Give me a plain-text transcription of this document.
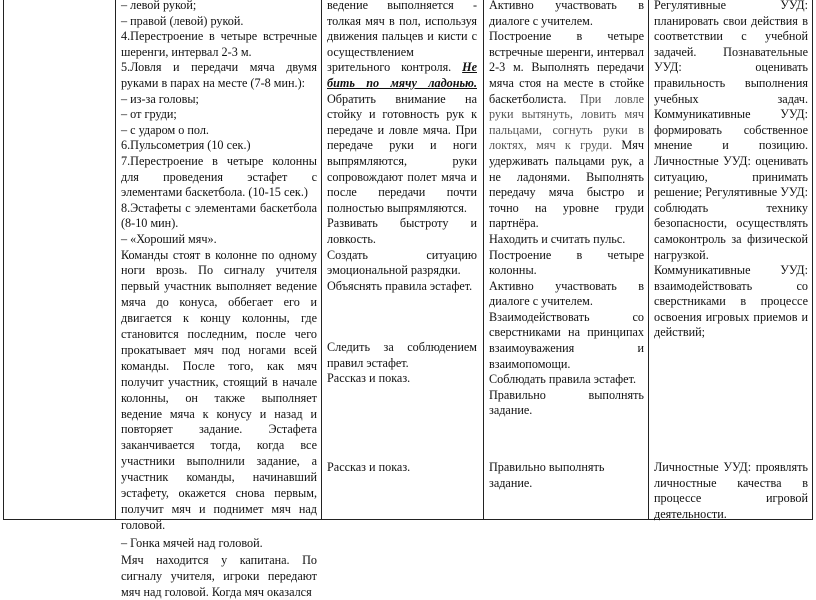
– левой рукой;

– правой (левой) рукой.

4.Перестроение в четыре встречные шеренги, интервал 2-3 м.

5.Ловля и передачи мяча двумя руками в парах на месте (7-8 мин.):

– из-за головы;

– от груди;

– с ударом о пол.

6.Пульсометрия (10 сек.)

7.Перестроение в четыре колонны для проведения эстафет с элементами баскетбола. (10-15 сек.)

8.Эстафеты с элементами баскетбола (8-10 мин).

– «Хороший мяч».

Команды стоят в колонне по одному ноги врозь. По сигналу учителя первый участник выполняет ведение мяча до конуса, оббегает его и двигается к концу колонны, где становится последним, после чего прокатывает мяч под ногами всей команды. После того, как мяч получит участник, стоящий в начале колонны, он также выполняет ведение мяча к конусу и назад и повторяет задание. Эстафета заканчивается тогда, когда все участники выполнили задание, а участник команды, начинавший эстафету, окажется снова первым, получит мяч и поднимет мяч над головой.

– Гонка мячей над головой.

Мяч находится у капитана. По сигналу учителя, игроки передают мяч над головой. Когда мяч оказался

ведение выполняется - толкая мяч в пол, используя движения пальцев и кисти с осуществлением зрительного контроля. Не бить по мячу ладонью. Обратить внимание на стойку и готовность рук к передаче и ловле мяча. При передаче руки и ноги выпрямляются, руки сопровождают полет мяча и после передачи почти полностью выпрямляются.

Развивать быстроту и ловкость.

Создать ситуацию эмоциональной разрядки.

Объяснять правила эстафет.

Следить за соблюдением правил эстафет.

Рассказ и показ.

Рассказ и показ.

Активно участвовать в диалоге с учителем.

Построение в четыре встречные шеренги, интервал 2-3 м. Выполнять передачи мяча стоя на месте в стойке баскетболиста. При ловле руки вытянуть, ловить мяч пальцами, согнуть руки в локтях, мяч к груди. Мяч удерживать пальцами рук, а не ладонями. Выполнять передачу мяча быстро и точно на уровне груди партнёра.

Находить и считать пульс.

Построение в четыре колонны.

Активно участвовать в диалоге с учителем.

Взаимодействовать со сверстниками на принципах взаимоуважения и взаимопомощи.

Соблюдать правила эстафет.

Правильно выполнять задание.

Правильно выполнять задание.

Регулятивные УУД: планировать свои действия в соответствии с учебной задачей. Познавательные УУД: оценивать правильность выполнения учебных задач. Коммуникативные УУД: формировать собственное мнение и позицию. Личностные УУД: оценивать ситуацию, принимать решение; Регулятивные УУД: соблюдать технику безопасности, осуществлять самоконтроль за физической нагрузкой. Коммуникативные УУД: взаимодействовать со сверстниками в процессе освоения игровых приемов и действий;

Личностные УУД: проявлять личностные качества в процессе игровой деятельности.
